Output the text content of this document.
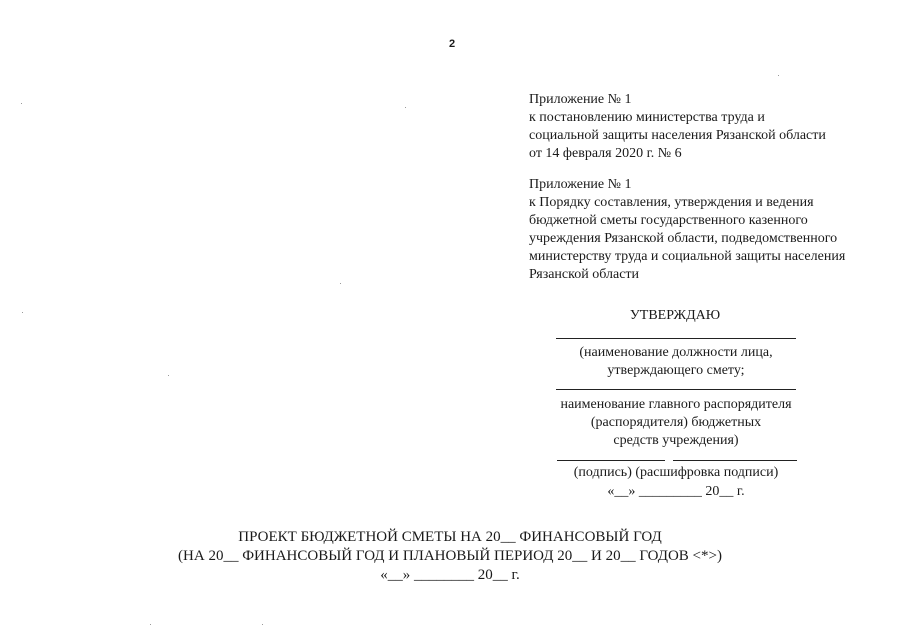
2
Приложение № 1
к постановлению министерства труда и
социальной защиты населения Рязанской области
от 14 февраля 2020 г. № 6
Приложение № 1
к Порядку составления, утверждения и ведения
бюджетной сметы государственного казенного
учреждения Рязанской области, подведомственного
министерству труда и социальной защиты населения
Рязанской области
УТВЕРЖДАЮ
(наименование должности лица,
утверждающего смету;
наименование главного распорядителя
(распорядителя) бюджетных
средств учреждения)
(подпись) (расшифровка подписи)
«__» _________ 20__ г.
ПРОЕКТ БЮДЖЕТНОЙ СМЕТЫ НА 20__ ФИНАНСОВЫЙ ГОД
(НА 20__ ФИНАНСОВЫЙ ГОД И ПЛАНОВЫЙ ПЕРИОД 20__ И 20__ ГОДОВ <*>)
«__» ________ 20__ г.
